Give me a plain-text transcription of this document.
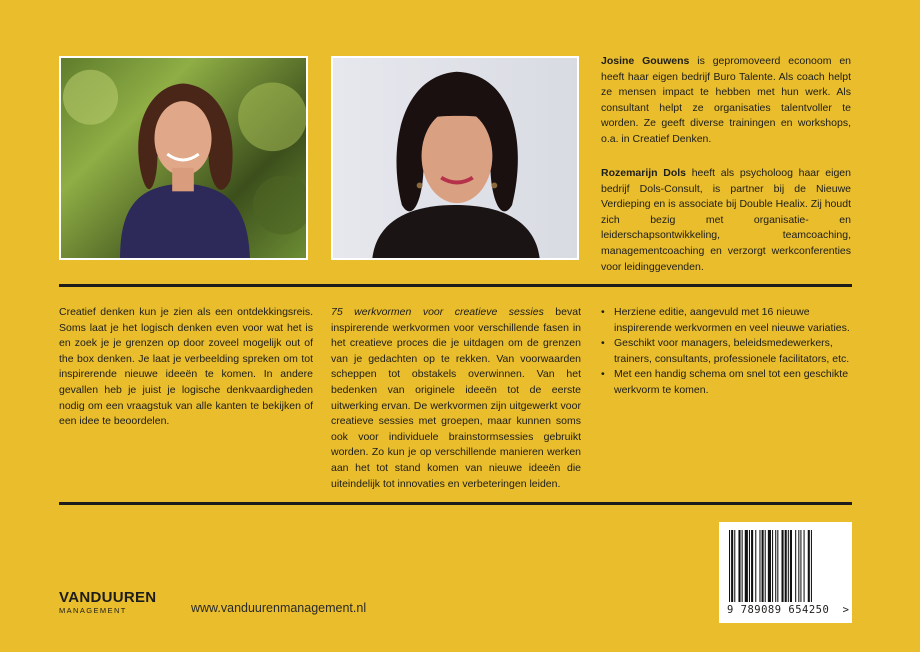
Josine Gouwens is gepromoveerd econoom en heeft haar eigen bedrijf Buro Talente. Als coach helpt ze mensen impact te hebben met hun werk. Als consultant helpt ze organisaties talentvoller te worden. Ze geeft diverse trainingen en workshops, o.a. in Creatief Denken.
Rozemarijn Dols heeft als psycholoog haar eigen bedrijf Dols-Consult, is partner bij de Nieuwe Verdieping en is associate bij Double Healix. Zij houdt zich bezig met organisatie- en leiderschapsontwikkeling, teamcoaching, managementcoaching en verzorgt werkconferenties voor leidinggevenden.
Creatief denken kun je zien als een ontdekkingsreis. Soms laat je het logisch denken even voor wat het is en zoek je je grenzen op door zoveel mogelijk out of the box denken. Je laat je verbeelding spreken om tot inspirerende nieuwe ideeën te komen. In andere gevallen heb je juist je logische denkvaardigheden nodig om een vraagstuk van alle kanten te bekijken of een idee te beoordelen.
75 werkvormen voor creatieve sessies bevat inspirerende werkvormen voor verschillende fasen in het creatieve proces die je uitdagen om de grenzen van je gedachten op te rekken. Van voorwaarden scheppen tot obstakels overwinnen. Van het bedenken van originele ideeën tot de eerste uitwerking ervan. De werkvormen zijn uitgewerkt voor creatieve sessies met groepen, maar kunnen soms ook voor individuele brainstormsessies gebruikt worden. Zo kun je op verschillende manieren werken aan het tot stand komen van nieuwe ideeën die uiteindelijk tot innovaties en verbeteringen leiden.
• Herziene editie, aangevuld met 16 nieuwe inspirerende werkvormen en veel nieuwe variaties.
• Geschikt voor managers, beleidsmedewerkers, trainers, consultants, professionele facilitators, etc.
• Met een handig schema om snel tot een geschikte werkvorm te komen.
VANDUUREN
MANAGEMENT	www.vanduurenmanagement.nl	9 789089 654250	>
